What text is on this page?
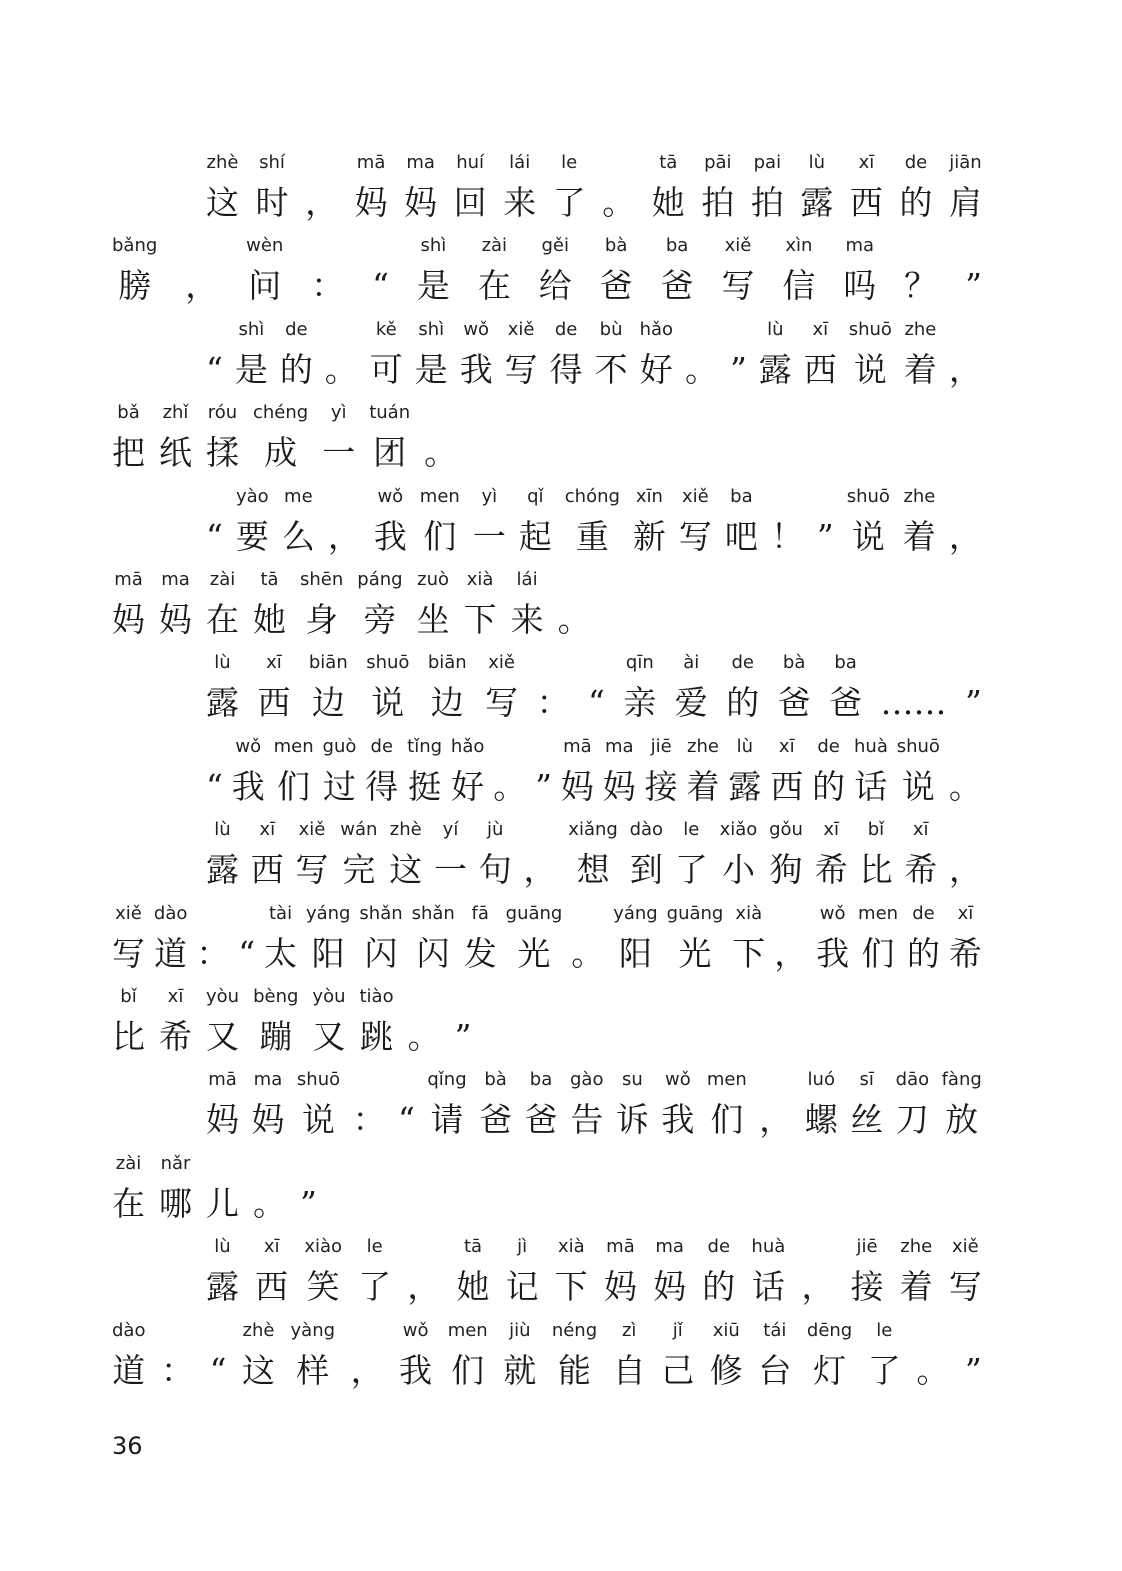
这zhè
时shí
， 妈mā
妈ma
回huí
来lái
了le
。 她tā
拍pāi
拍pai
露lù
西xī
的de
肩jiān
膀bǎng
， 问wèn
： “ 是shì
在zài
给gěi
爸bà
爸ba
写xiě
信xìn
吗ma
？ ”
“ 是shì
的de
。 可kě
是shì
我wǒ
写xiě
得de
不bù
好hǎo
。 ” 露lù
西xī
说shuō
着zhe
，
把bǎ
纸zhǐ
揉róu
成chéng
一yì
团tuán
。
“ 要yào
么me
， 我wǒ
们men
一yì
起qǐ
重chóng
新xīn
写xiě
吧ba
！ ” 说shuō
着zhe
，
妈mā
妈ma
在zài
她tā
身shēn
旁páng
坐zuò
下xià
来lái
。
露lù
西xī
边biān
说shuō
边biān
写xiě
： “ 亲qīn
爱ài
的de
爸bà
爸ba
…… ”
“ 我wǒ
们men
过guò
得de
挺tǐng
好hǎo
。 ” 妈mā
妈ma
接jiē
着zhe
露lù
西xī
的de
话huà
说shuō
。
露lù
西xī
写xiě
完wán
这zhè
一yí
句jù
， 想xiǎng
到dào
了le
小xiǎo
狗gǒu
希xī
比bǐ
希xī
，
写xiě
道dào
： “ 太tài
阳yáng
闪shǎn
闪shǎn
发fā
光guāng
。 阳yáng
光guāng
下xià
， 我wǒ
们men
的de
希xī
比bǐ
希xī
又yòu
蹦bèng
又yòu
跳tiào
。 ”
妈mā
妈ma
说shuō
： “ 请qǐng
爸bà
爸ba
告gào
诉su
我wǒ
们men
， 螺luó
丝sī
刀dāo
放fàng
在zài
哪nǎr
儿 。 ”
露lù
西xī
笑xiào
了le
， 她tā
记jì
下xià
妈mā
妈ma
的de
话huà
， 接jiē
着zhe
写xiě
道dào
： “ 这zhè
样yàng
， 我wǒ
们men
就jiù
能néng
自zì
己jǐ
修xiū
台tái
灯dēng
了le
。 ”
36
